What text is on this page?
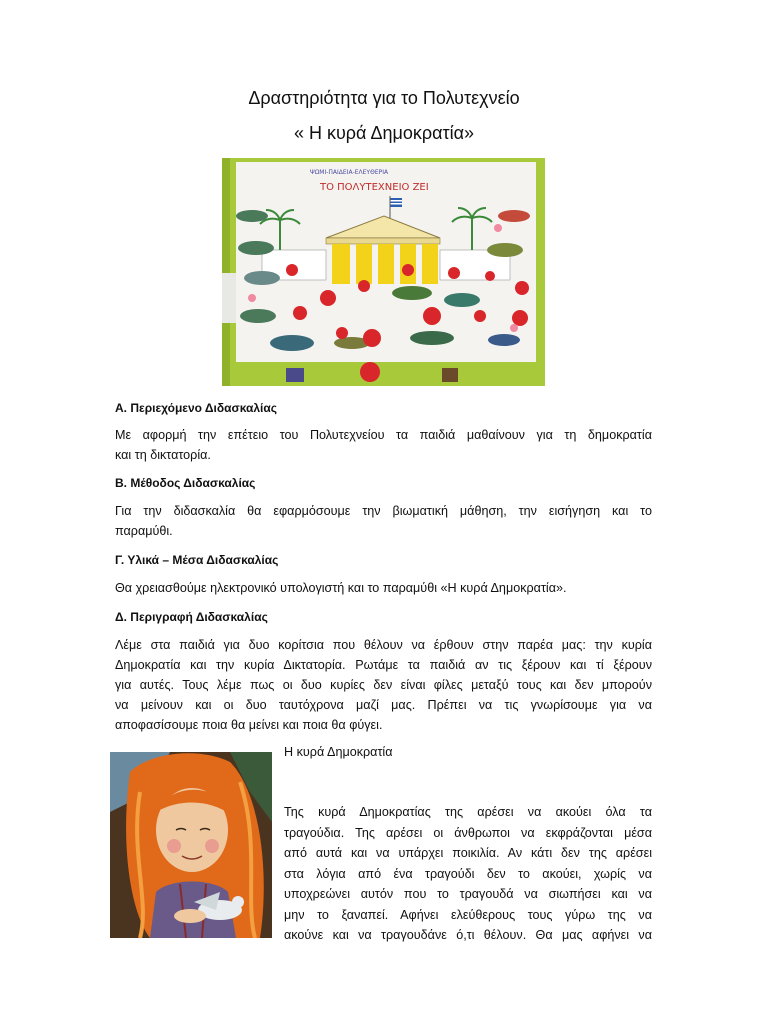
Δραστηριότητα για το Πολυτεχνείο
« Η κυρά Δημοκρατία»
ΨΩΜΙ-ΠΑΙΔΕΙΑ-ΕΛΕΥΘΕΡΙΑ
ΤΟ ΠΟΛΥΤΕΧΝΕΙΟ ΖΕΙ
Α. Περιεχόμενο Διδασκαλίας
Με αφορμή την επέτειο του Πολυτεχνείου τα παιδιά μαθαίνουν για τη δημοκρατία
και τη δικτατορία.
Β. Μέθοδος Διδασκαλίας
Για την διδασκαλία θα εφαρμόσουμε την βιωματική μάθηση, την εισήγηση και το
παραμύθι.
Γ. Υλικά – Μέσα Διδασκαλίας
Θα χρειασθούμε ηλεκτρονικό υπολογιστή και το παραμύθι «Η κυρά Δημοκρατία».
Δ. Περιγραφή Διδασκαλίας
Λέμε στα παιδιά για δυο κορίτσια που θέλουν να έρθουν στην παρέα μας: την κυρία
Δημοκρατία και την κυρία Δικτατορία. Ρωτάμε τα παιδιά αν τις ξέρουν και τί ξέρουν
για αυτές. Τους λέμε πως οι δυο κυρίες δεν είναι φίλες μεταξύ τους και δεν μπορούν
να μείνουν και οι δυο ταυτόχρονα μαζί μας. Πρέπει να τις γνωρίσουμε για να
αποφασίσουμε ποια θα μείνει και ποια θα φύγει.
Η κυρά Δημοκρατία
Της κυρά Δημοκρατίας της αρέσει να ακούει όλα τα
τραγούδια. Της αρέσει οι άνθρωποι να εκφράζονται μέσα
από αυτά και να υπάρχει ποικιλία. Αν κάτι δεν της αρέσει
στα λόγια από ένα τραγούδι δεν το ακούει, χωρίς να
υποχρεώνει αυτόν που το τραγουδά να σιωπήσει και να
μην το ξαναπεί. Αφήνει ελεύθερους τους γύρω της να
ακούνε και να τραγουδάνε ό,τι θέλουν. Θα μας αφήνει να
